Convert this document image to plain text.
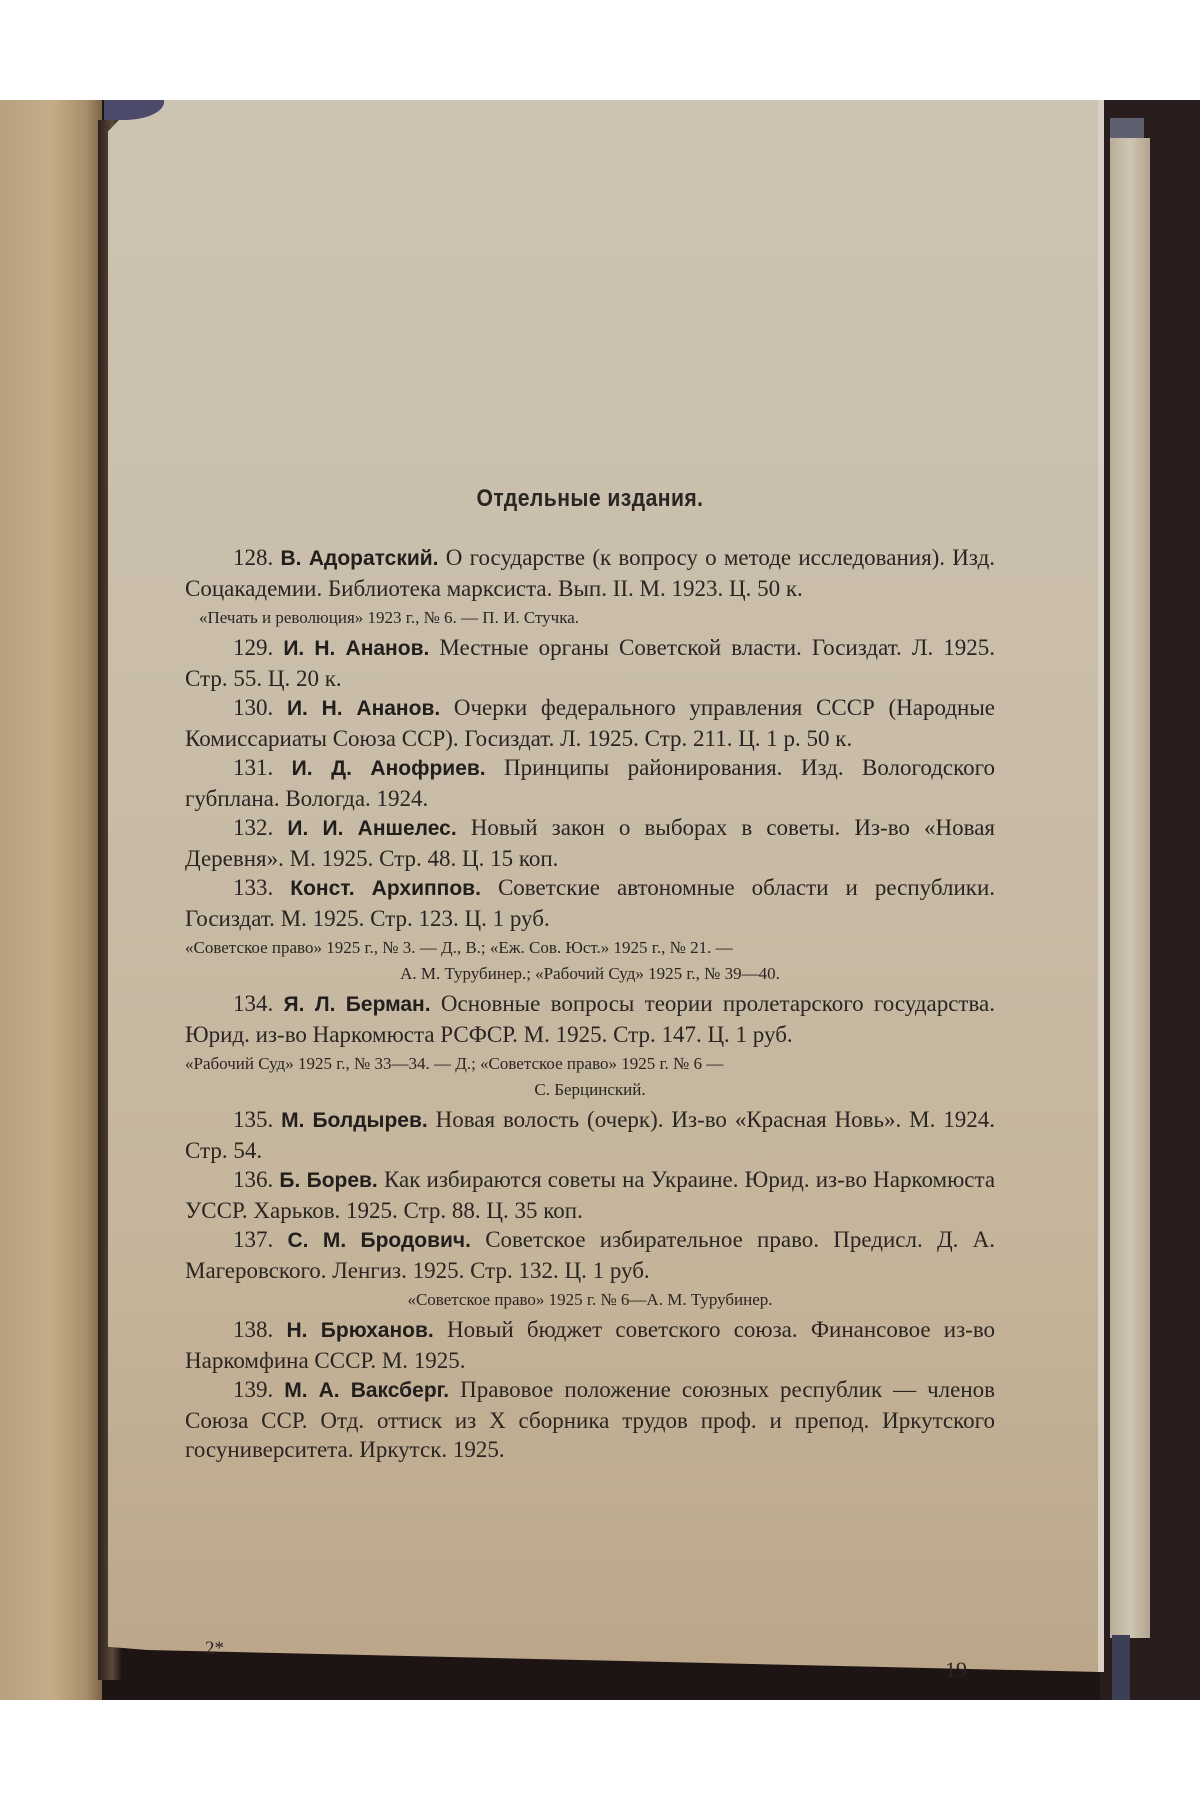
Отдельные издания.

128. В. Адоратский. О государстве (к вопросу о методе исследования). Изд. Соцакадемии. Библиотека марксиста. Вып. II. М. 1923. Ц. 50 к.

«Печать и революция» 1923 г., № 6. — П. И. Стучка.

129. И. Н. Ананов. Местные органы Советской власти. Госиздат. Л. 1925. Стр. 55. Ц. 20 к.

130. И. Н. Ананов. Очерки федерального управления СССР (Народные Комиссариаты Союза ССР). Госиздат. Л. 1925. Стр. 211. Ц. 1 р. 50 к.

131. И. Д. Анофриев. Принципы районирования. Изд. Вологодского губплана. Вологда. 1924.

132. И. И. Аншелес. Новый закон о выборах в советы. Из-во «Новая Деревня». М. 1925. Стр. 48. Ц. 15 коп.

133. Конст. Архиппов. Советские автономные области и республики. Госиздат. М. 1925. Стр. 123. Ц. 1 руб.

«Советское право» 1925 г., № 3. — Д., В.; «Еж. Сов. Юст.» 1925 г., № 21. —
А. М. Турубинер.; «Рабочий Суд» 1925 г., № 39—40.

134. Я. Л. Берман. Основные вопросы теории пролетарского государства. Юрид. из-во Наркомюста РСФСР. М. 1925. Стр. 147. Ц. 1 руб.

«Рабочий Суд» 1925 г., № 33—34. — Д.; «Советское право» 1925 г. № 6 —
С. Берцинский.

135. М. Болдырев. Новая волость (очерк). Из-во «Красная Новь». М. 1924. Стр. 54.

136. Б. Борев. Как избираются советы на Украине. Юрид. из-во Наркомюста УССР. Харьков. 1925. Стр. 88. Ц. 35 коп.

137. С. М. Бродович. Советское избирательное право. Предисл. Д. А. Магеровского. Ленгиз. 1925. Стр. 132. Ц. 1 руб.

«Советское право» 1925 г. № 6—А. М. Турубинер.

138. Н. Брюханов. Новый бюджет советского союза. Финансовое из-во Наркомфина СССР. М. 1925.

139. М. А. Ваксберг. Правовое положение союзных республик — членов Союза ССР. Отд. оттиск из X сборника трудов проф. и препод. Иркутского госуниверситета. Иркутск. 1925.

2*
19
